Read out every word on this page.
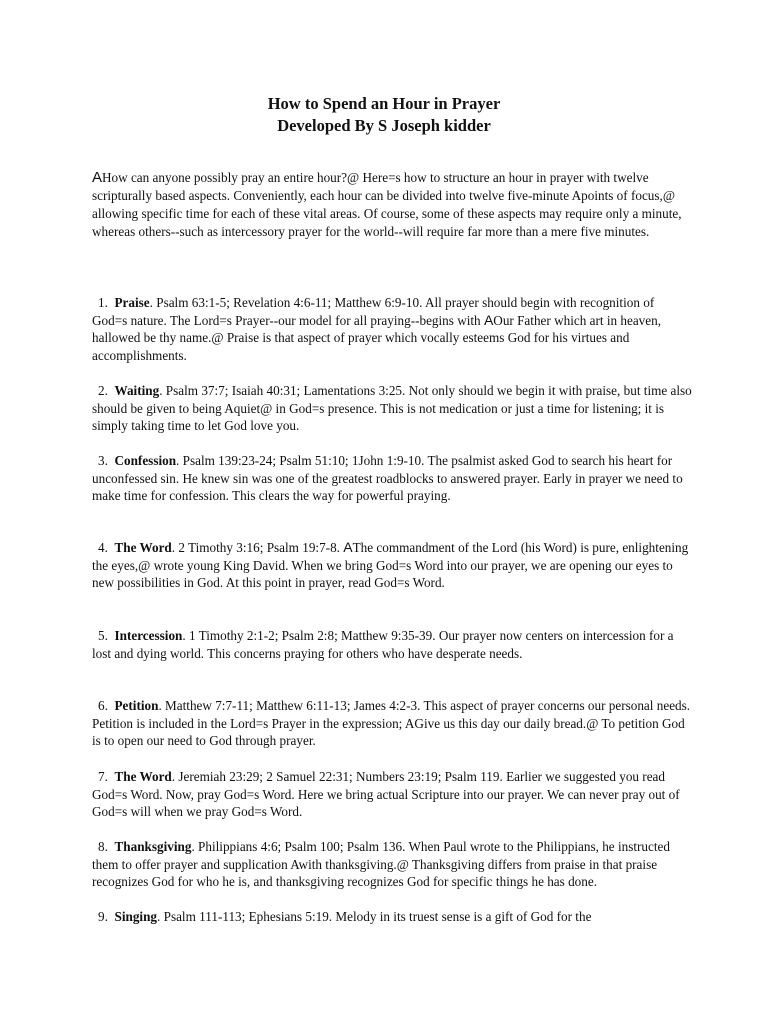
How to Spend an Hour in Prayer
Developed By S Joseph kidder

AHow can anyone possibly pray an entire hour?@ Here=s how to structure an hour in prayer with twelve scripturally based aspects. Conveniently, each hour can be divided into twelve five-minute Apoints of focus,@ allowing specific time for each of these vital areas. Of course, some of these aspects may require only a minute, whereas others--such as intercessory prayer for the world--will require far more than a mere five minutes.

1. Praise. Psalm 63:1-5; Revelation 4:6-11; Matthew 6:9-10. All prayer should begin with recognition of God=s nature. The Lord=s Prayer--our model for all praying--begins with AOur Father which art in heaven, hallowed be thy name.@ Praise is that aspect of prayer which vocally esteems God for his virtues and accomplishments.

2. Waiting. Psalm 37:7; Isaiah 40:31; Lamentations 3:25. Not only should we begin it with praise, but time also should be given to being Aquiet@ in God=s presence. This is not medication or just a time for listening; it is simply taking time to let God love you.

3. Confession. Psalm 139:23-24; Psalm 51:10; 1John 1:9-10. The psalmist asked God to search his heart for unconfessed sin. He knew sin was one of the greatest roadblocks to answered prayer. Early in prayer we need to make time for confession. This clears the way for powerful praying.

4. The Word. 2 Timothy 3:16; Psalm 19:7-8. AThe commandment of the Lord (his Word) is pure, enlightening the eyes,@ wrote young King David. When we bring God=s Word into our prayer, we are opening our eyes to new possibilities in God. At this point in prayer, read God=s Word.

5. Intercession. 1 Timothy 2:1-2; Psalm 2:8; Matthew 9:35-39. Our prayer now centers on intercession for a lost and dying world. This concerns praying for others who have desperate needs.

6. Petition. Matthew 7:7-11; Matthew 6:11-13; James 4:2-3. This aspect of prayer concerns our personal needs. Petition is included in the Lord=s Prayer in the expression; AGive us this day our daily bread.@ To petition God is to open our need to God through prayer.

7. The Word. Jeremiah 23:29; 2 Samuel 22:31; Numbers 23:19; Psalm 119. Earlier we suggested you read God=s Word. Now, pray God=s Word. Here we bring actual Scripture into our prayer. We can never pray out of God=s will when we pray God=s Word.

8. Thanksgiving. Philippians 4:6; Psalm 100; Psalm 136. When Paul wrote to the Philippians, he instructed them to offer prayer and supplication Awith thanksgiving.@ Thanksgiving differs from praise in that praise recognizes God for who he is, and thanksgiving recognizes God for specific things he has done.

9. Singing. Psalm 111-113; Ephesians 5:19. Melody in its truest sense is a gift of God for the
